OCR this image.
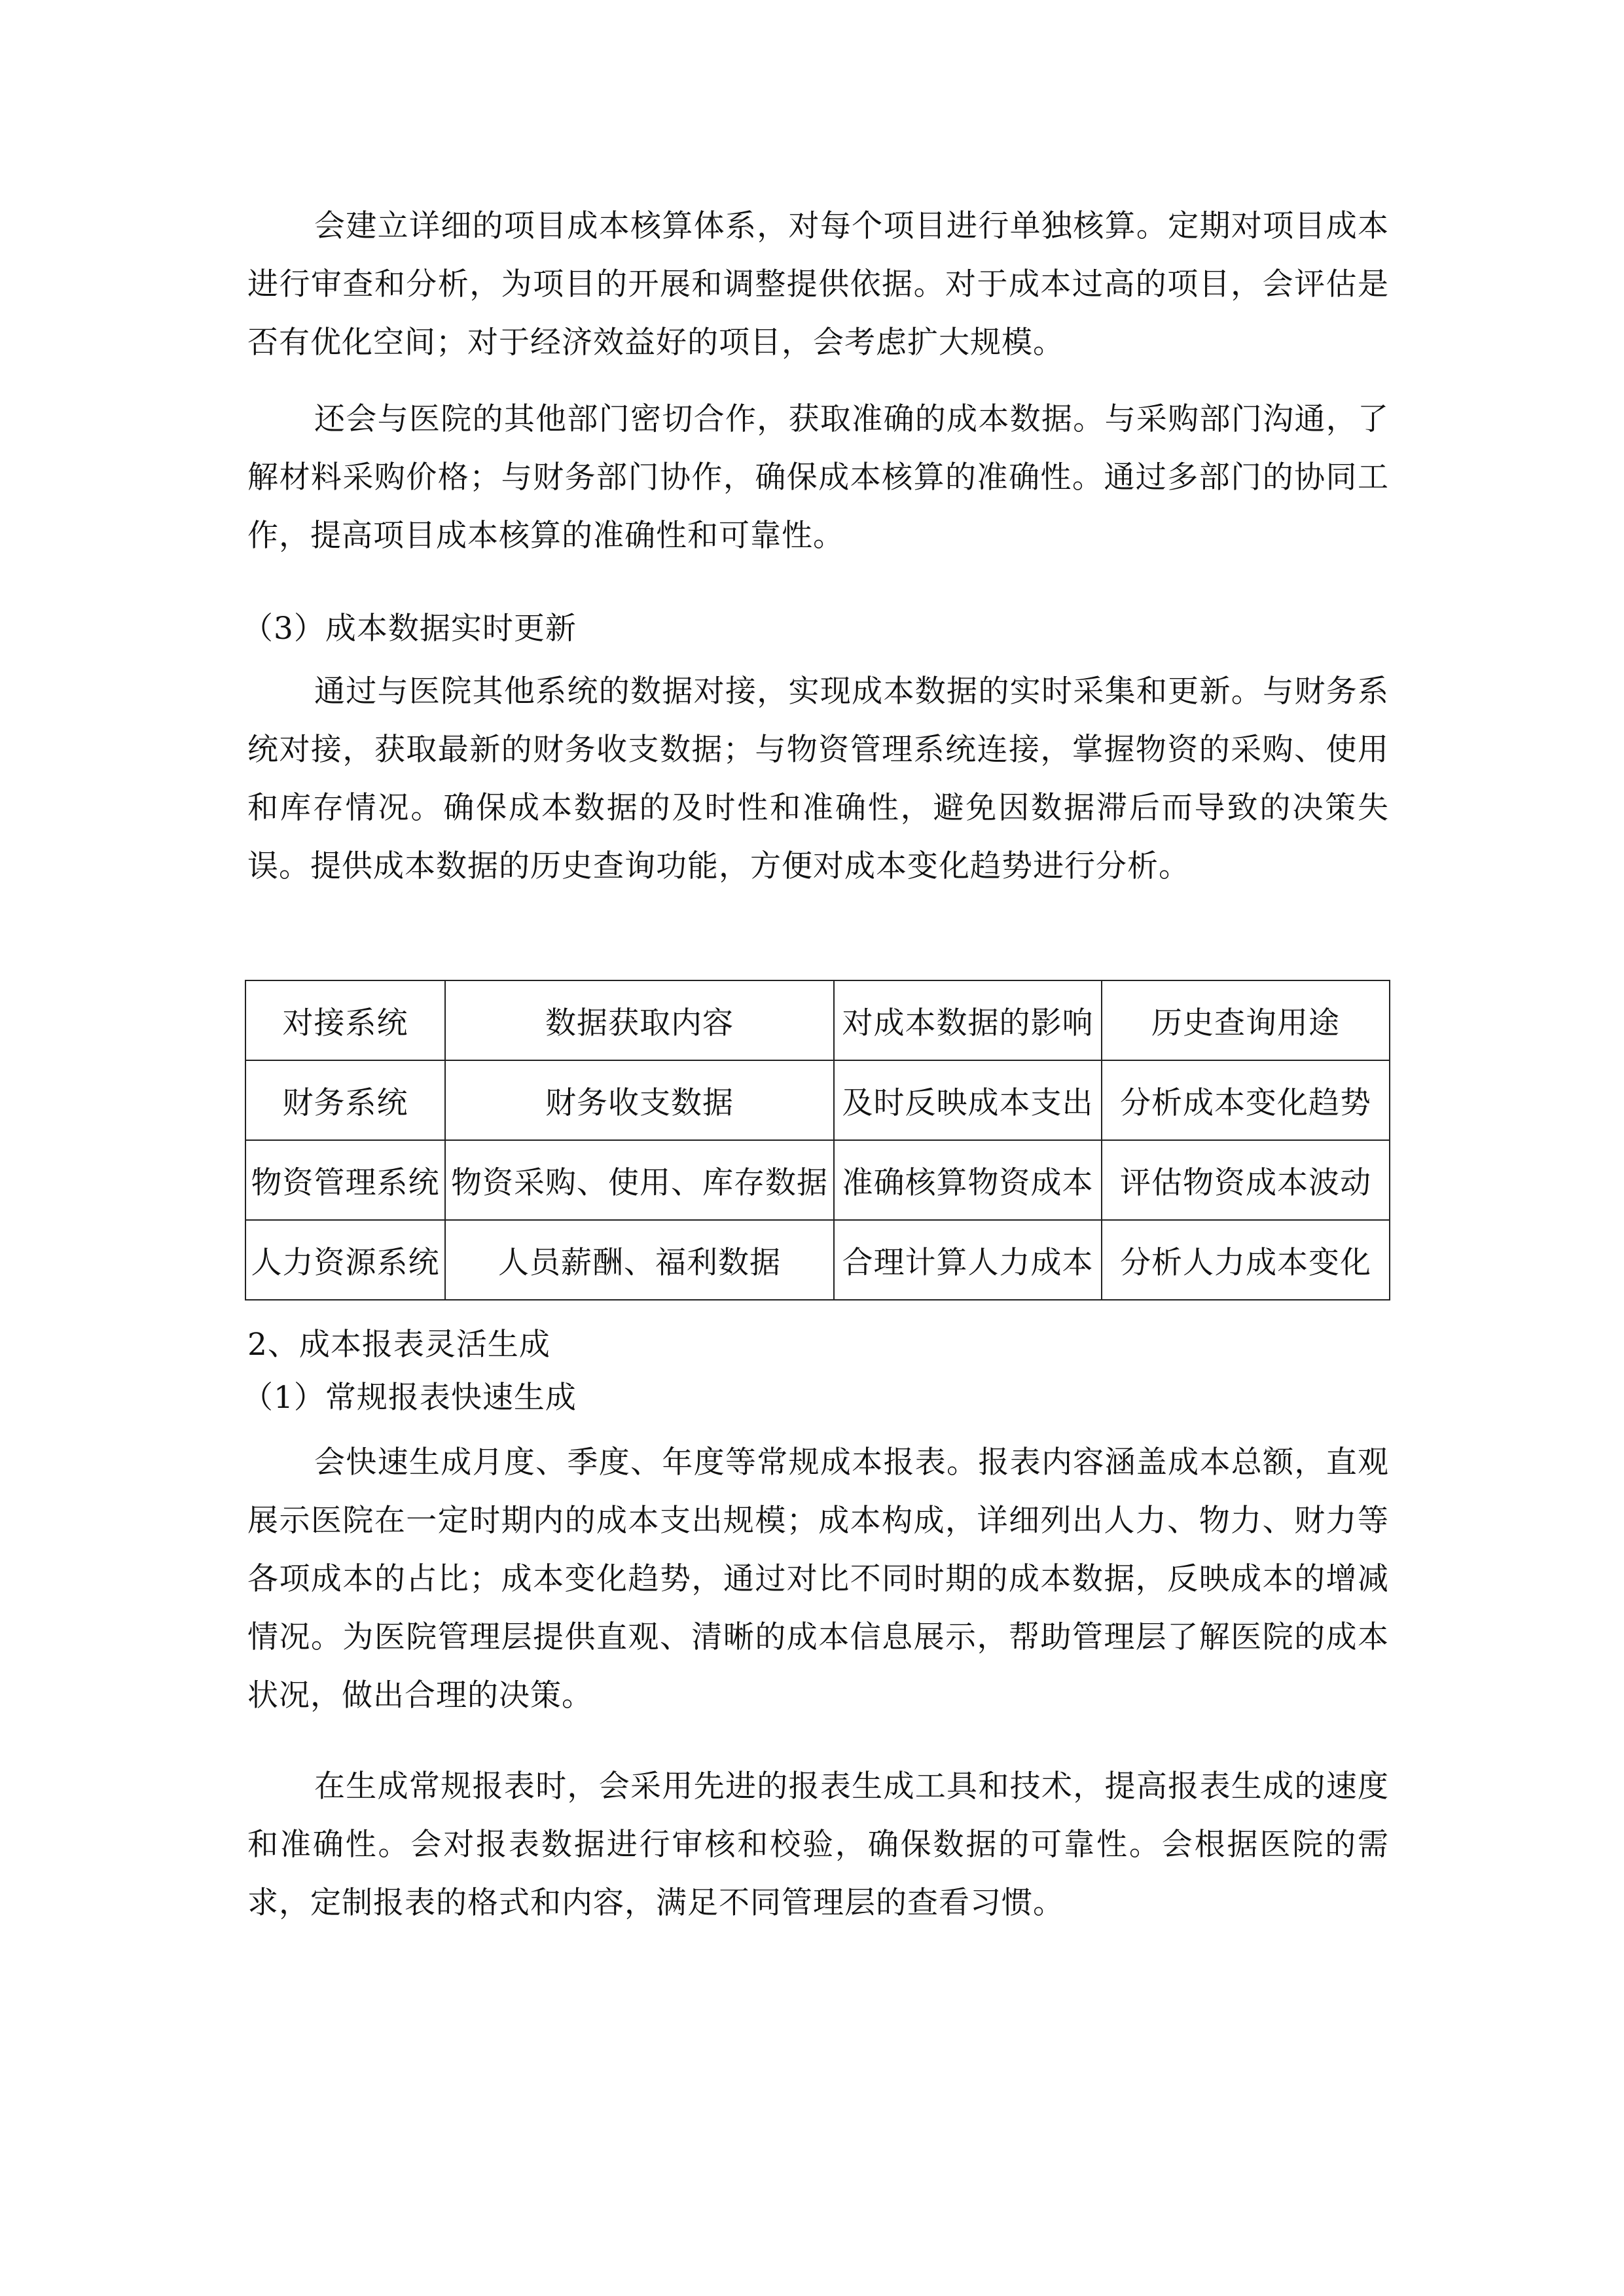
会建立详细的项目成本核算体系，对每个项目进行单独核算。定期对项目成本进行审查和分析，为项目的开展和调整提供依据。对于成本过高的项目，会评估是否有优化空间；对于经济效益好的项目，会考虑扩大规模。

还会与医院的其他部门密切合作，获取准确的成本数据。与采购部门沟通，了解材料采购价格；与财务部门协作，确保成本核算的准确性。通过多部门的协同工作，提高项目成本核算的准确性和可靠性。

（3）成本数据实时更新

通过与医院其他系统的数据对接，实现成本数据的实时采集和更新。与财务系统对接，获取最新的财务收支数据；与物资管理系统连接，掌握物资的采购、使用和库存情况。确保成本数据的及时性和准确性，避免因数据滞后而导致的决策失误。提供成本数据的历史查询功能，方便对成本变化趋势进行分析。

对接系统	数据获取内容	对成本数据的影响	历史查询用途
财务系统	财务收支数据	及时反映成本支出	分析成本变化趋势
物资管理系统	物资采购、使用、库存数据	准确核算物资成本	评估物资成本波动
人力资源系统	人员薪酬、福利数据	合理计算人力成本	分析人力成本变化
2、成本报表灵活生成
（1）常规报表快速生成

会快速生成月度、季度、年度等常规成本报表。报表内容涵盖成本总额，直观展示医院在一定时期内的成本支出规模；成本构成，详细列出人力、物力、财力等各项成本的占比；成本变化趋势，通过对比不同时期的成本数据，反映成本的增减情况。为医院管理层提供直观、清晰的成本信息展示，帮助管理层了解医院的成本状况，做出合理的决策。

在生成常规报表时，会采用先进的报表生成工具和技术，提高报表生成的速度和准确性。会对报表数据进行审核和校验，确保数据的可靠性。会根据医院的需求，定制报表的格式和内容，满足不同管理层的查看习惯。
